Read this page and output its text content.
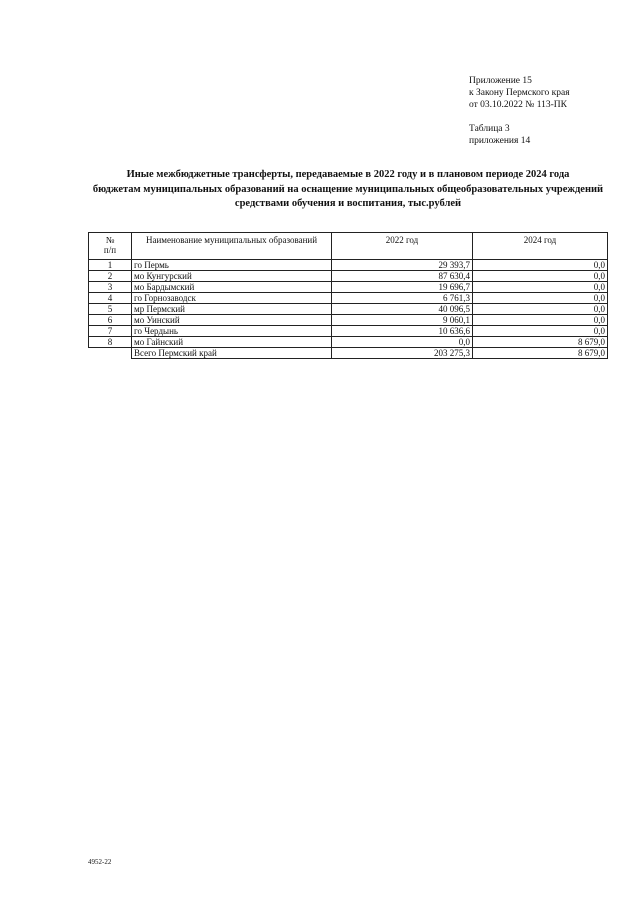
Приложение 15
к Закону Пермского края
от 03.10.2022 № 113-ПК
Таблица 3
приложения 14
Иные межбюджетные трансферты, передаваемые в 2022 году и в плановом периоде 2024 года
бюджетам муниципальных образований на оснащение муниципальных общеобразовательных учреждений
средствами обучения и воспитания, тыс.рублей
№
п/п	Наименование муниципальных образований	2022 год	2024 год
1	го Пермь	29 393,7	0,0
2	мо Кунгурский	87 630,4	0,0
3	мо Бардымский	19 696,7	0,0
4	го Горнозаводск	6 761,3	0,0
5	мр Пермский	40 096,5	0,0
6	мо Уинский	9 060,1	0,0
7	го Чердынь	10 636,6	0,0
8	мо Гайнский	0,0	8 679,0
	Всего Пермский край	203 275,3	8 679,0
4952-22
